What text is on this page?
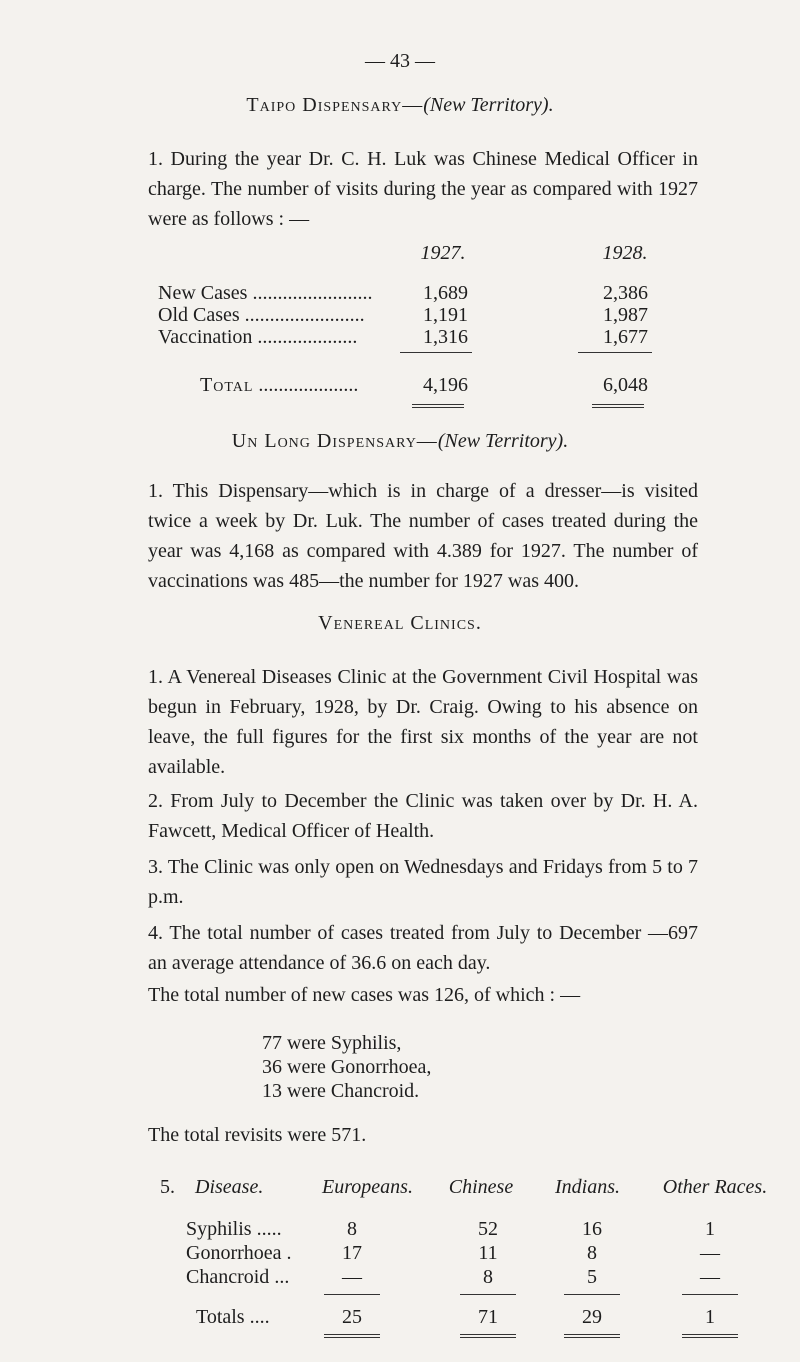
— 43 —
Taipo Dispensary—(New Territory).
1. During the year Dr. C. H. Luk was Chinese Medical Officer in charge. The number of visits during the year as compared with 1927 were as follows : —
1927.	1928.
New Cases ........................	1,689	2,386
Old Cases ........................	1,191	1,987
Vaccination ....................	1,316	1,677
Total ....................	4,196	6,048
Un Long Dispensary—(New Territory).
1. This Dispensary—which is in charge of a dresser—is visited twice a week by Dr. Luk. The number of cases treated during the year was 4,168 as compared with 4.389 for 1927. The number of vaccinations was 485—the number for 1927 was 400.
Venereal Clinics.
1. A Venereal Diseases Clinic at the Government Civil Hospital was begun in February, 1928, by Dr. Craig. Owing to his absence on leave, the full figures for the first six months of the year are not available.
2. From July to December the Clinic was taken over by Dr. H. A. Fawcett, Medical Officer of Health.
3. The Clinic was only open on Wednesdays and Fridays from 5 to 7 p.m.
4. The total number of cases treated from July to December —697 an average attendance of 36.6 on each day.
The total number of new cases was 126, of which : —
77 were Syphilis,
36 were Gonorrhoea,
13 were Chancroid.
The total revisits were 571.
5. Disease.	Europeans.	Chinese	Indians.	Other Races.
Syphilis .....	8	52	16	1
Gonorrhoea .	17	11	8	—
Chancroid ...	—	8	5	—
Totals ....	25	71	29	1
